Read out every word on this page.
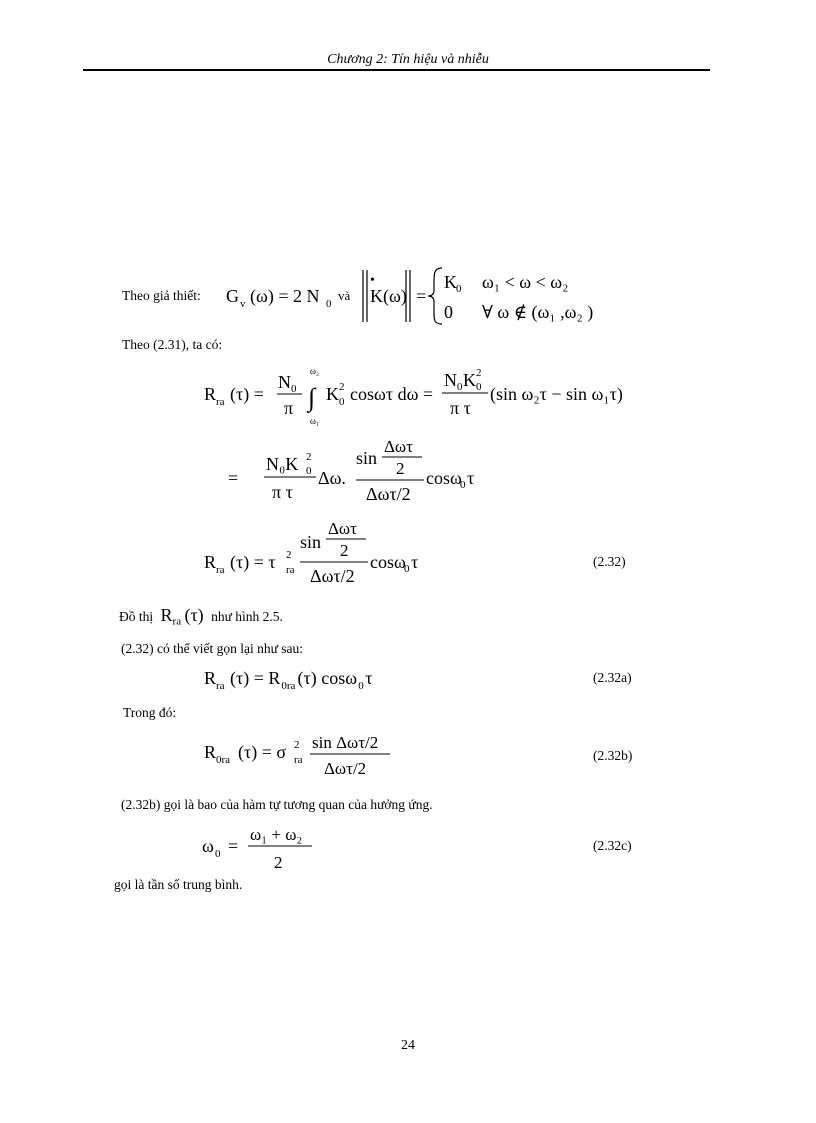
Chương 2: Tín hiệu và nhiễu
Theo giả thiết: G v (ω) = 2 N 0
và
•
K(ω) =
K 0 ω₁ < ω < ω₂
0 ∀ ω ∉ (ω₁ ,ω₂ )
Theo (2.31), ta có:
R ra (τ) =
N 0
π
ω₂
ω₁
∫ K 2
0 cosωτ dω =
N 0 K 2
0
π τ
(sin ω₂τ − sin ω₁τ)
=
N₀K 2
0
π τ
Δω.
sin
Δωτ
2
Δωτ/2
cosω
0 τ
R ra (τ) = τ 2
ra
sin
Δωτ
2
Δωτ/2
cosω
0 τ	(2.32)
Đồ thị $R_{ra}$ (τ) như hình 2.5.
(2.32) có thể viết gọn lại như sau:
R ra (τ) = R 0ra (τ) cosω 0 τ	(2.32a)
Trong đó:
R 0ra (τ) = σ 2
ra
sin Δωτ/2
Δωτ/2
(2.32b)
(2.32b) gọi là bao của hàm tự tương quan của hưởng ứng.
ω 0 =
ω₁ + ω₂
2
(2.32c)
gọi là tần số trung bình.
24
